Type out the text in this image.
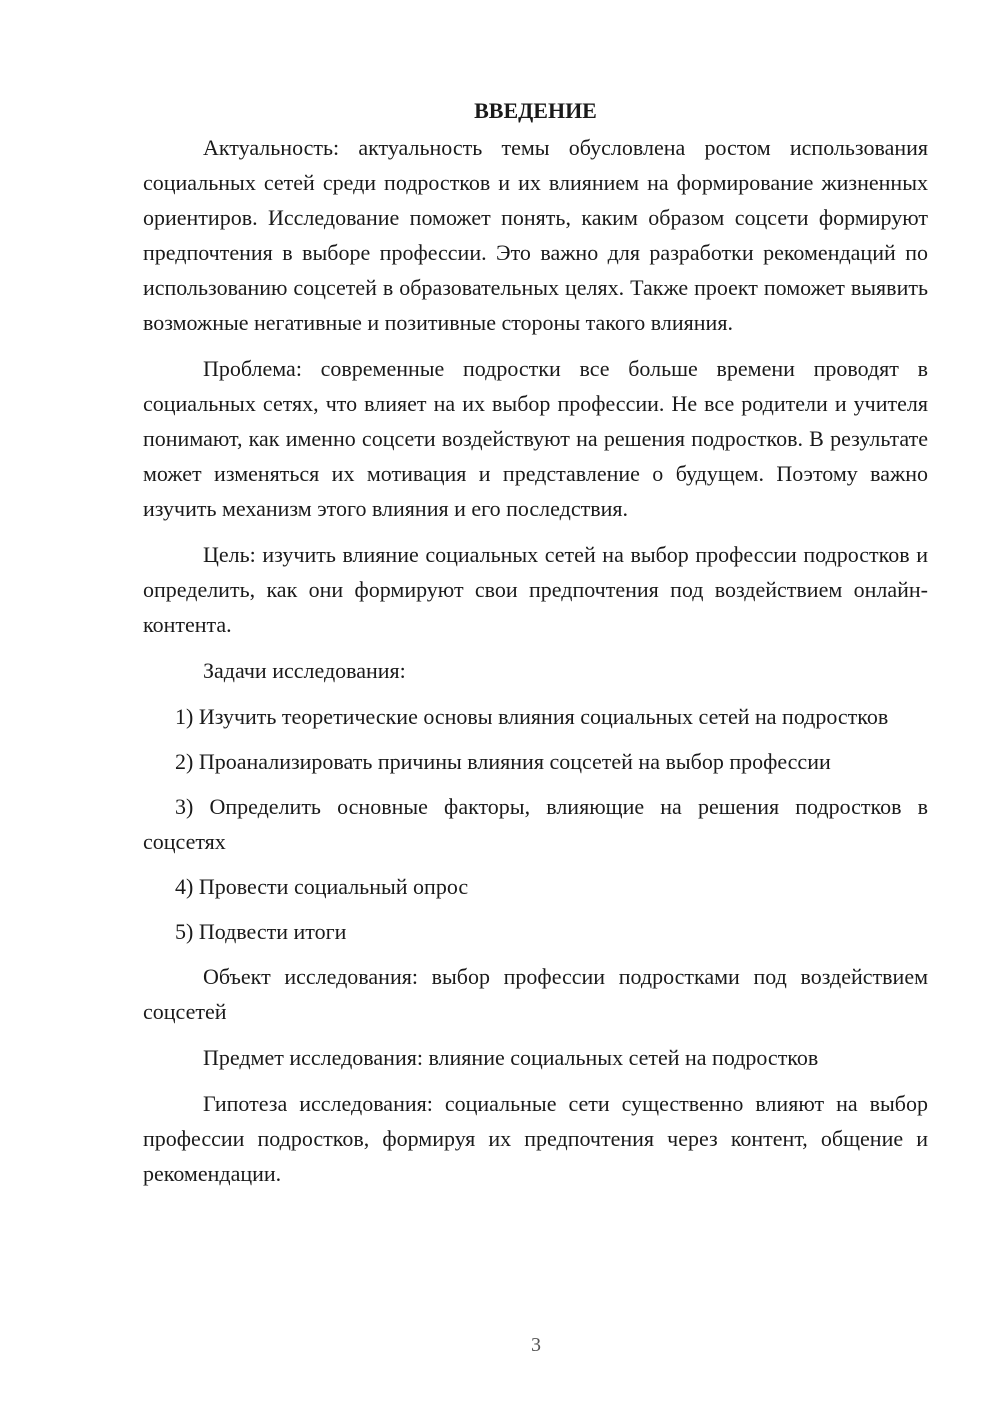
ВВЕДЕНИЕ

Актуальность: актуальность темы обусловлена ростом использования социальных сетей среди подростков и их влиянием на формирование жизненных ориентиров. Исследование поможет понять, каким образом соцсети формируют предпочтения в выборе профессии. Это важно для разработки рекомендаций по использованию соцсетей в образовательных целях. Также проект поможет выявить возможные негативные и позитивные стороны такого влияния.

Проблема: современные подростки все больше времени проводят в социальных сетях, что влияет на их выбор профессии. Не все родители и учителя понимают, как именно соцсети воздействуют на решения подростков. В результате может изменяться их мотивация и представление о будущем. Поэтому важно изучить механизм этого влияния и его последствия.

Цель: изучить влияние социальных сетей на выбор профессии подростков и определить, как они формируют свои предпочтения под воздействием онлайн-контента.

Задачи исследования:

1) Изучить теоретические основы влияния социальных сетей на подростков

2) Проанализировать причины влияния соцсетей на выбор профессии

3) Определить основные факторы, влияющие на решения подростков в соцсетях

4) Провести социальный опрос

5) Подвести итоги

Объект исследования: выбор профессии подростками под воздействием соцсетей

Предмет исследования: влияние социальных сетей на подростков

Гипотеза исследования: социальные сети существенно влияют на выбор профессии подростков, формируя их предпочтения через контент, общение и рекомендации.

3
